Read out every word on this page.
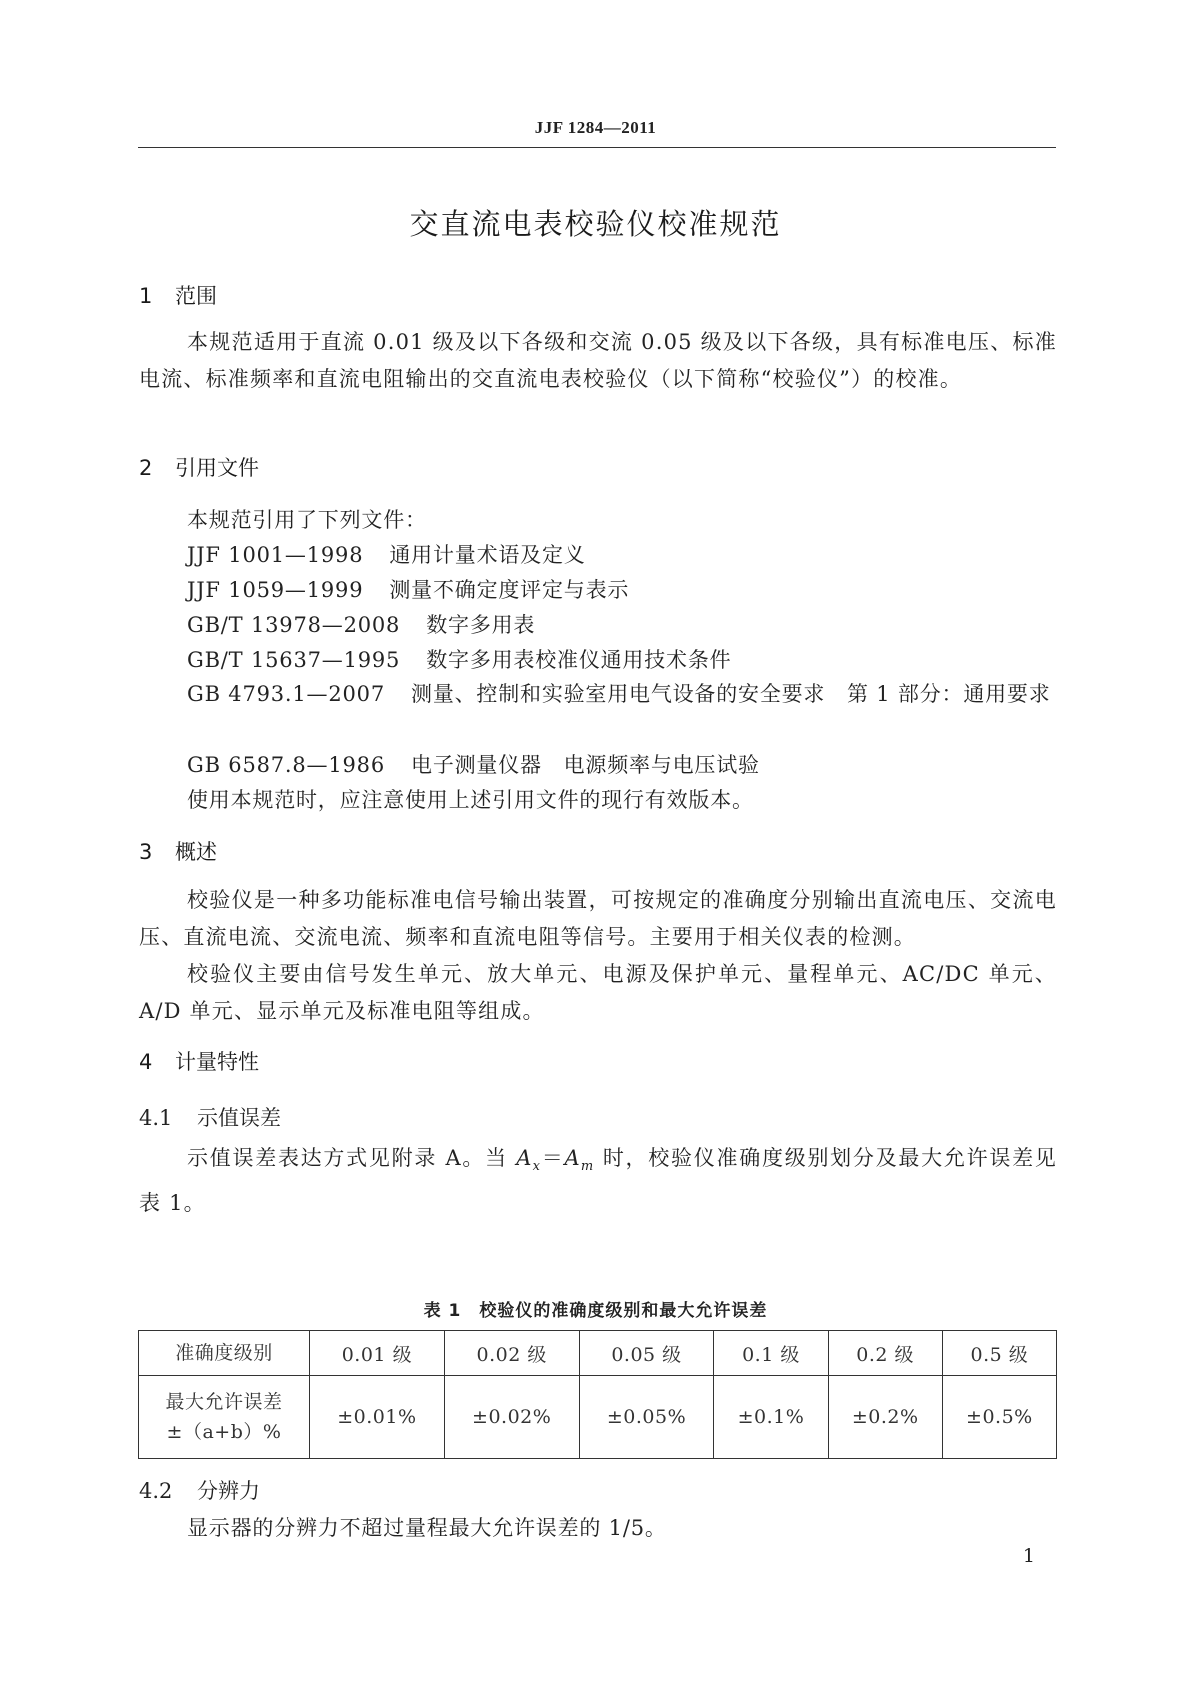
JJF 1284—2011
交直流电表校验仪校准规范
1 范围
本规范适用于直流 0.01 级及以下各级和交流 0.05 级及以下各级，具有标准电压、标准电流、标准频率和直流电阻输出的交直流电表校验仪（以下简称“校验仪”）的校准。
2 引用文件
本规范引用了下列文件：
JJF 1001—1998 通用计量术语及定义
JJF 1059—1999 测量不确定度评定与表示
GB/T 13978—2008 数字多用表
GB/T 15637—1995 数字多用表校准仪通用技术条件
GB 4793.1—2007 测量、控制和实验室用电气设备的安全要求　第 1 部分：通用要求
GB 6587.8—1986 电子测量仪器　电源频率与电压试验
使用本规范时，应注意使用上述引用文件的现行有效版本。
3 概述
校验仪是一种多功能标准电信号输出装置，可按规定的准确度分别输出直流电压、交流电压、直流电流、交流电流、频率和直流电阻等信号。主要用于相关仪表的检测。
校验仪主要由信号发生单元、放大单元、电源及保护单元、量程单元、AC/DC 单元、A/D 单元、显示单元及标准电阻等组成。
4 计量特性
4.1 示值误差
示值误差表达方式见附录 A。当 $A_x=A_m$ 时，校验仪准确度级别划分及最大允许误差见表 1。
表 1　校验仪的准确度级别和最大允许误差
准确度级别	0.01 级	0.02 级	0.05 级	0.1 级	0.2 级	0.5 级

最大允许误差
±（a+b）%	±0.01%	±0.02%	±0.05%	±0.1%	±0.2%	±0.5%
4.2 分辨力
显示器的分辨力不超过量程最大允许误差的 1/5。
1
